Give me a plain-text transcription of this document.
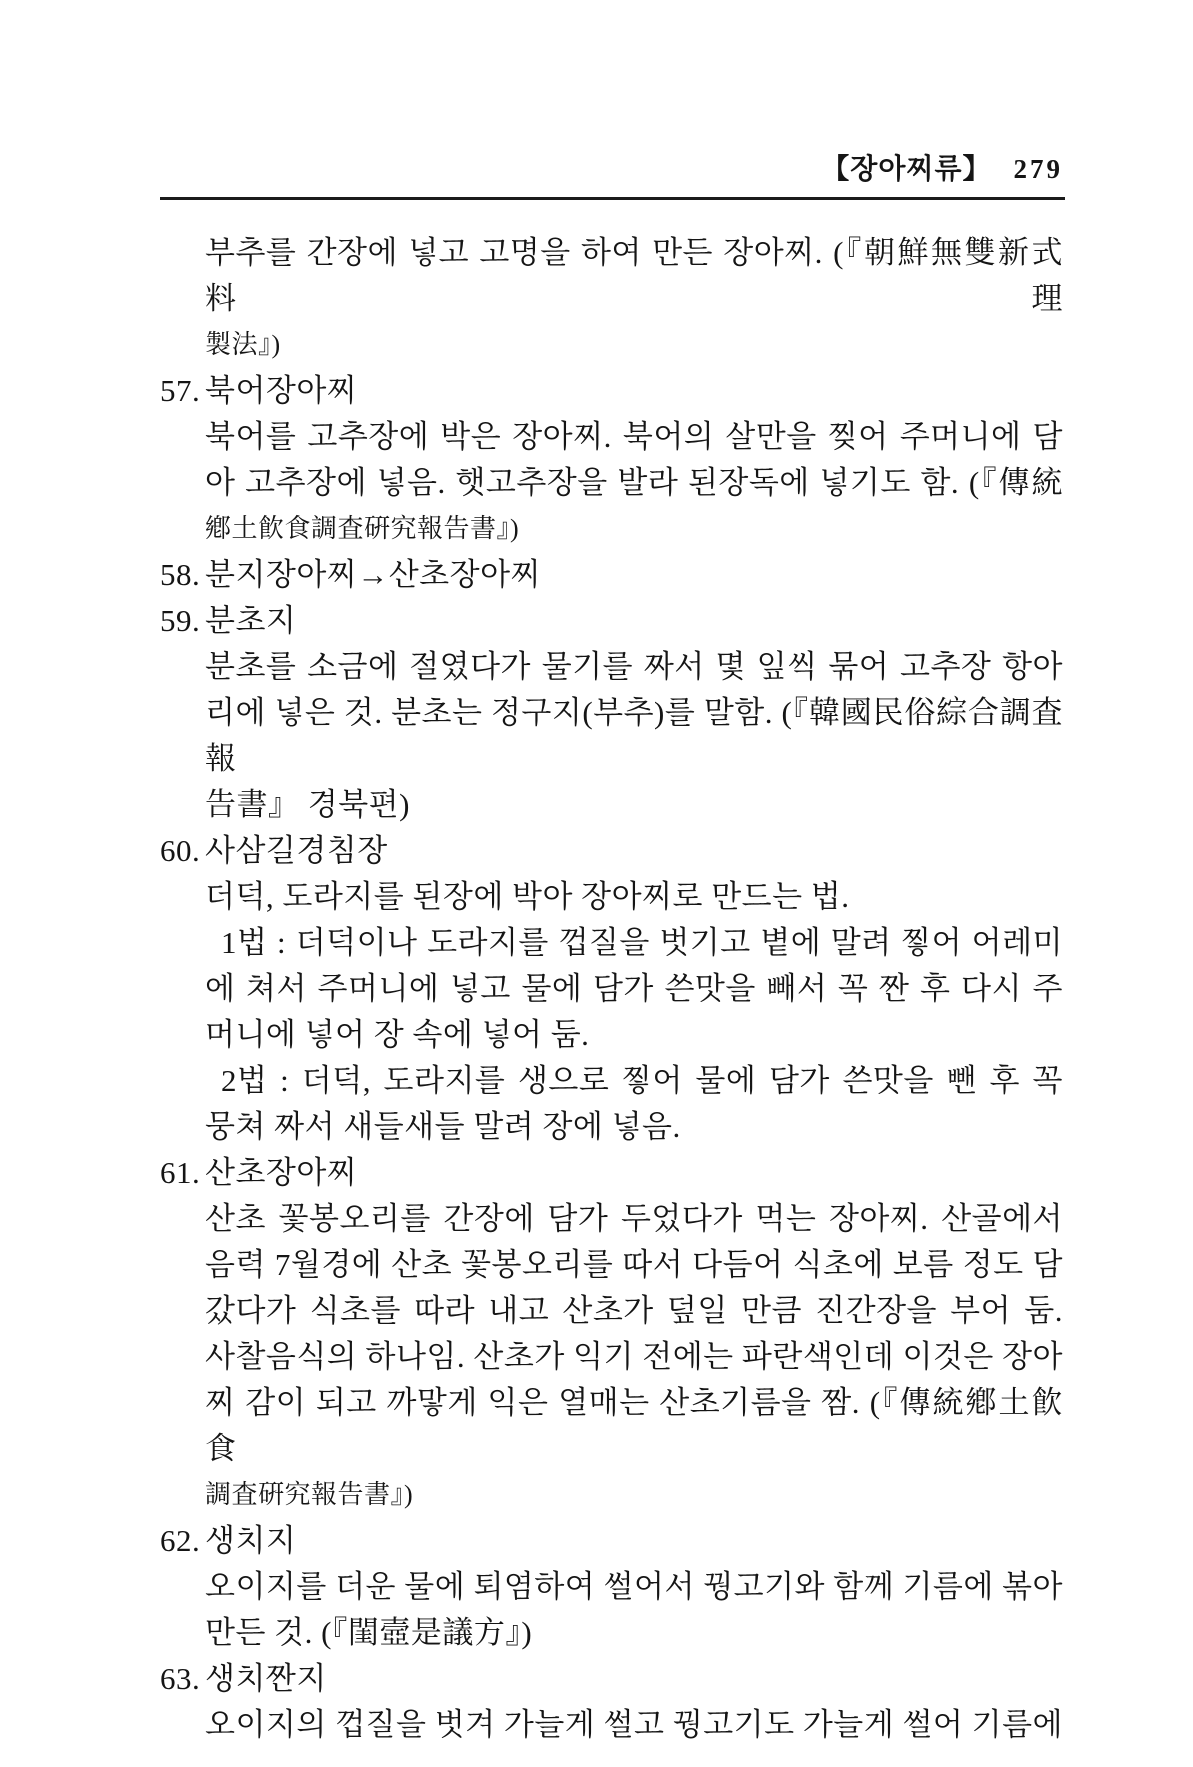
【장아찌류】 279
부추를 간장에 넣고 고명을 하여 만든 장아찌. (『朝鮮無雙新式料理
製法』)
57. 북어장아찌
북어를 고추장에 박은 장아찌. 북어의 살만을 찢어 주머니에 담
아 고추장에 넣음. 햇고추장을 발라 된장독에 넣기도 함. (『傳統
鄕土飮食調査硏究報告書』)
58. 분지장아찌→산초장아찌
59. 분초지
분초를 소금에 절였다가 물기를 짜서 몇 잎씩 묶어 고추장 항아
리에 넣은 것. 분초는 정구지(부추)를 말함. (『韓國民俗綜合調査報
告書』 경북편)
60. 사삼길경침장
더덕, 도라지를 된장에 박아 장아찌로 만드는 법.
1법 : 더덕이나 도라지를 껍질을 벗기고 볕에 말려 찧어 어레미
에 쳐서 주머니에 넣고 물에 담가 쓴맛을 빼서 꼭 짠 후 다시 주
머니에 넣어 장 속에 넣어 둠.
2법 : 더덕, 도라지를 생으로 찧어 물에 담가 쓴맛을 뺀 후 꼭
뭉쳐 짜서 새들새들 말려 장에 넣음.
61. 산초장아찌
산초 꽃봉오리를 간장에 담가 두었다가 먹는 장아찌. 산골에서
음력 7월경에 산초 꽃봉오리를 따서 다듬어 식초에 보름 정도 담
갔다가 식초를 따라 내고 산초가 덮일 만큼 진간장을 부어 둠.
사찰음식의 하나임. 산초가 익기 전에는 파란색인데 이것은 장아
찌 감이 되고 까맣게 익은 열매는 산초기름을 짬. (『傳統鄕土飮食
調査硏究報告書』)
62. 생치지
오이지를 더운 물에 퇴염하여 썰어서 꿩고기와 함께 기름에 볶아
만든 것. (『閨壼是議方』)
63. 생치짠지
오이지의 껍질을 벗겨 가늘게 썰고 꿩고기도 가늘게 썰어 기름에
